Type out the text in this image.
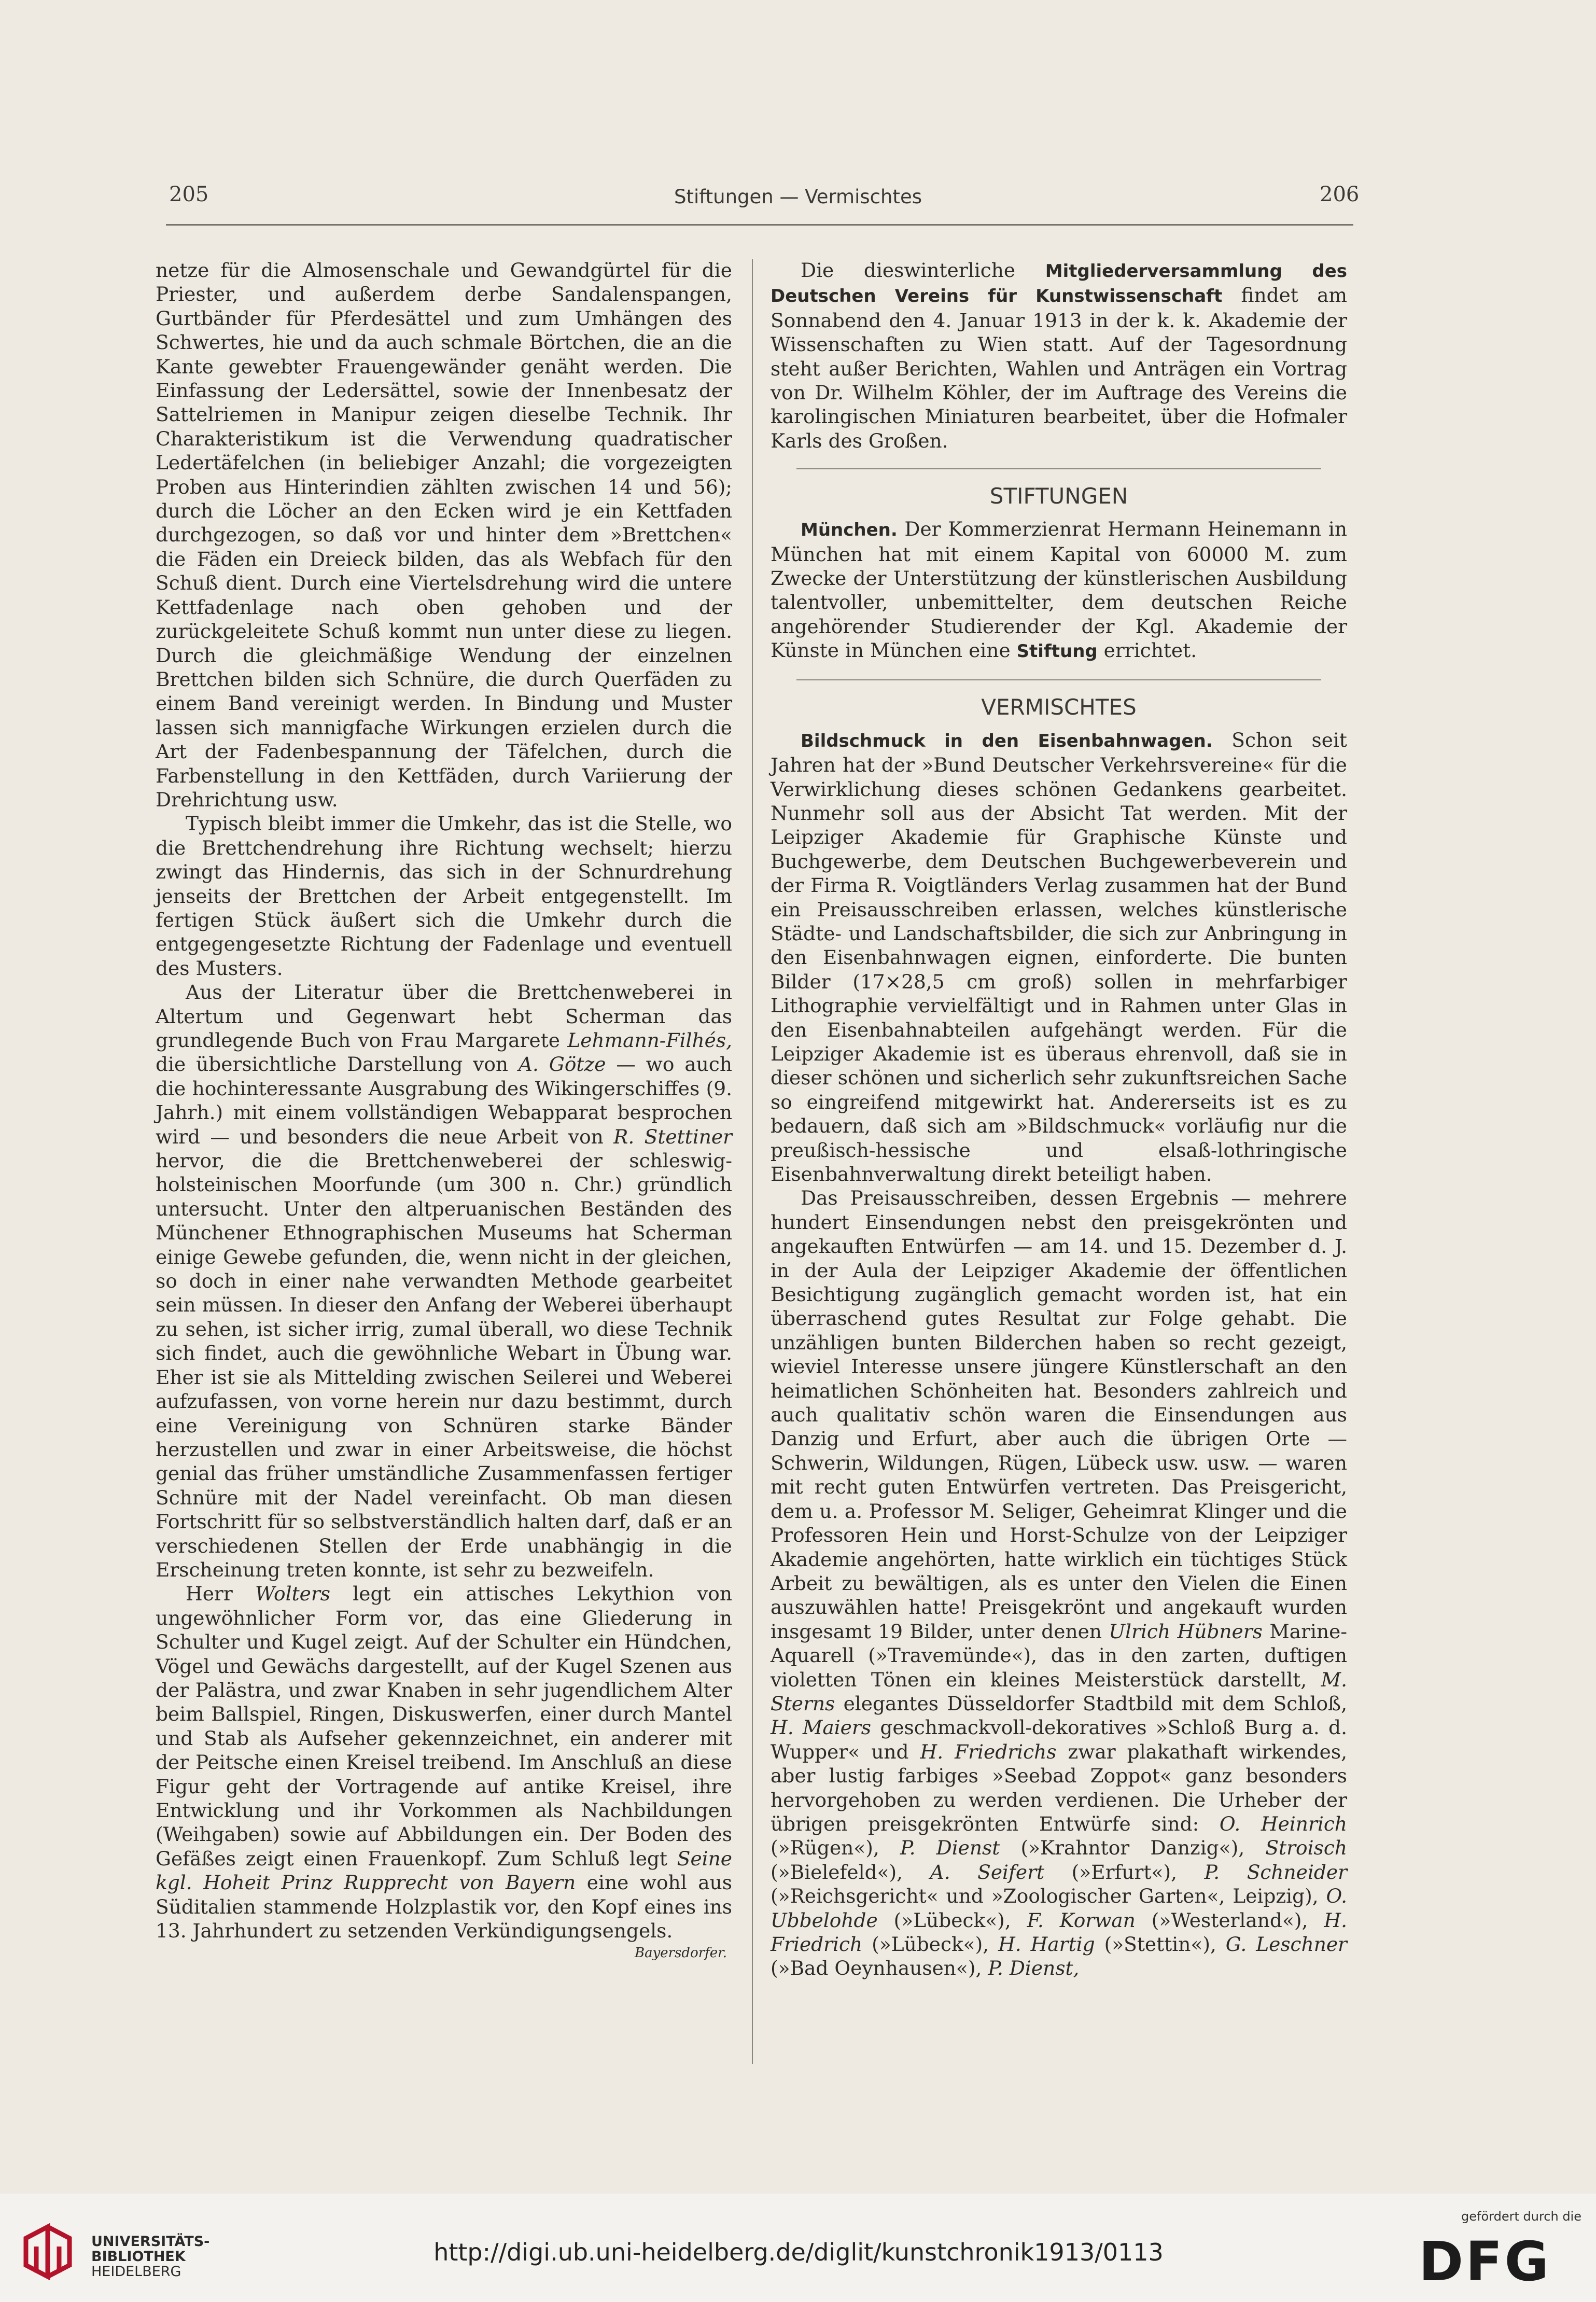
205	Stiftungen — Vermischtes	206

netze für die Almosenschale und Gewandgürtel für die Priester, und außerdem derbe Sandalenspangen, Gurtbänder für Pferdesättel und zum Umhängen des Schwertes, hie und da auch schmale Börtchen, die an die Kante gewebter Frauengewänder genäht werden. Die Einfassung der Ledersättel, sowie der Innenbesatz der Sattelriemen in Manipur zeigen dieselbe Technik. Ihr Charakteristikum ist die Verwendung quadratischer Ledertäfelchen (in beliebiger Anzahl; die vorgezeigten Proben aus Hinterindien zählten zwischen 14 und 56); durch die Löcher an den Ecken wird je ein Kettfaden durchgezogen, so daß vor und hinter dem »Brettchen« die Fäden ein Dreieck bilden, das als Webfach für den Schuß dient. Durch eine Viertelsdrehung wird die untere Kettfadenlage nach oben gehoben und der zurückgeleitete Schuß kommt nun unter diese zu liegen. Durch die gleichmäßige Wendung der einzelnen Brettchen bilden sich Schnüre, die durch Querfäden zu einem Band vereinigt werden. In Bindung und Muster lassen sich mannigfache Wirkungen erzielen durch die Art der Fadenbespannung der Täfelchen, durch die Farbenstellung in den Kettfäden, durch Variierung der Drehrichtung usw.

Typisch bleibt immer die Umkehr, das ist die Stelle, wo die Brettchendrehung ihre Richtung wechselt; hierzu zwingt das Hindernis, das sich in der Schnurdrehung jenseits der Brettchen der Arbeit entgegenstellt. Im fertigen Stück äußert sich die Umkehr durch die entgegengesetzte Richtung der Fadenlage und eventuell des Musters.

Aus der Literatur über die Brettchenweberei in Altertum und Gegenwart hebt Scherman das grundlegende Buch von Frau Margarete Lehmann-Filhés, die übersichtliche Darstellung von A. Götze — wo auch die hochinteressante Ausgrabung des Wikingerschiffes (9. Jahrh.) mit einem vollständigen Webapparat besprochen wird — und besonders die neue Arbeit von R. Stettiner hervor, die die Brettchenweberei der schleswig-holsteinischen Moorfunde (um 300 n. Chr.) gründlich untersucht. Unter den altperuanischen Beständen des Münchener Ethnographischen Museums hat Scherman einige Gewebe gefunden, die, wenn nicht in der gleichen, so doch in einer nahe verwandten Methode gearbeitet sein müssen. In dieser den Anfang der Weberei überhaupt zu sehen, ist sicher irrig, zumal überall, wo diese Technik sich findet, auch die gewöhnliche Webart in Übung war. Eher ist sie als Mittelding zwischen Seilerei und Weberei aufzufassen, von vorne herein nur dazu bestimmt, durch eine Vereinigung von Schnüren starke Bänder herzustellen und zwar in einer Arbeitsweise, die höchst genial das früher umständliche Zusammenfassen fertiger Schnüre mit der Nadel vereinfacht. Ob man diesen Fortschritt für so selbstverständlich halten darf, daß er an verschiedenen Stellen der Erde unabhängig in die Erscheinung treten konnte, ist sehr zu bezweifeln.

Herr Wolters legt ein attisches Lekythion von ungewöhnlicher Form vor, das eine Gliederung in Schulter und Kugel zeigt. Auf der Schulter ein Hündchen, Vögel und Gewächs dargestellt, auf der Kugel Szenen aus der Palästra, und zwar Knaben in sehr jugendlichem Alter beim Ballspiel, Ringen, Diskuswerfen, einer durch Mantel und Stab als Aufseher gekennzeichnet, ein anderer mit der Peitsche einen Kreisel treibend. Im Anschluß an diese Figur geht der Vortragende auf antike Kreisel, ihre Entwicklung und ihr Vorkommen als Nachbildungen (Weihgaben) sowie auf Abbildungen ein. Der Boden des Gefäßes zeigt einen Frauenkopf. Zum Schluß legt Seine kgl. Hoheit Prinz Rupprecht von Bayern eine wohl aus Süditalien stammende Holzplastik vor, den Kopf eines ins 13. Jahrhundert zu setzenden Verkündigungsengels.

Bayersdorfer.

Die dieswinterliche Mitgliederversammlung des Deutschen Vereins für Kunstwissenschaft findet am Sonnabend den 4. Januar 1913 in der k. k. Akademie der Wissenschaften zu Wien statt. Auf der Tagesordnung steht außer Berichten, Wahlen und Anträgen ein Vortrag von Dr. Wilhelm Köhler, der im Auftrage des Vereins die karolingischen Miniaturen bearbeitet, über die Hofmaler Karls des Großen.

STIFTUNGEN

München. Der Kommerzienrat Hermann Heinemann in München hat mit einem Kapital von 60000 M. zum Zwecke der Unterstützung der künstlerischen Ausbildung talentvoller, unbemittelter, dem deutschen Reiche angehörender Studierender der Kgl. Akademie der Künste in München eine Stiftung errichtet.

VERMISCHTES

Bildschmuck in den Eisenbahnwagen. Schon seit Jahren hat der »Bund Deutscher Verkehrsvereine« für die Verwirklichung dieses schönen Gedankens gearbeitet. Nunmehr soll aus der Absicht Tat werden. Mit der Leipziger Akademie für Graphische Künste und Buchgewerbe, dem Deutschen Buchgewerbeverein und der Firma R. Voigtländers Verlag zusammen hat der Bund ein Preisausschreiben erlassen, welches künstlerische Städte- und Landschaftsbilder, die sich zur Anbringung in den Eisenbahnwagen eignen, einforderte. Die bunten Bilder (17×28,5 cm groß) sollen in mehrfarbiger Lithographie vervielfältigt und in Rahmen unter Glas in den Eisenbahnabteilen aufgehängt werden. Für die Leipziger Akademie ist es überaus ehrenvoll, daß sie in dieser schönen und sicherlich sehr zukunftsreichen Sache so eingreifend mitgewirkt hat. Andererseits ist es zu bedauern, daß sich am »Bildschmuck« vorläufig nur die preußisch-hessische und elsaß-lothringische Eisenbahnverwaltung direkt beteiligt haben.

Das Preisausschreiben, dessen Ergebnis — mehrere hundert Einsendungen nebst den preisgekrönten und angekauften Entwürfen — am 14. und 15. Dezember d. J. in der Aula der Leipziger Akademie der öffentlichen Besichtigung zugänglich gemacht worden ist, hat ein überraschend gutes Resultat zur Folge gehabt. Die unzähligen bunten Bilderchen haben so recht gezeigt, wieviel Interesse unsere jüngere Künstlerschaft an den heimatlichen Schönheiten hat. Besonders zahlreich und auch qualitativ schön waren die Einsendungen aus Danzig und Erfurt, aber auch die übrigen Orte — Schwerin, Wildungen, Rügen, Lübeck usw. usw. — waren mit recht guten Entwürfen vertreten. Das Preisgericht, dem u. a. Professor M. Seliger, Geheimrat Klinger und die Professoren Hein und Horst-Schulze von der Leipziger Akademie angehörten, hatte wirklich ein tüchtiges Stück Arbeit zu bewältigen, als es unter den Vielen die Einen auszuwählen hatte! Preisgekrönt und angekauft wurden insgesamt 19 Bilder, unter denen Ulrich Hübners Marine-Aquarell (»Travemünde«), das in den zarten, duftigen violetten Tönen ein kleines Meisterstück darstellt, M. Sterns elegantes Düsseldorfer Stadtbild mit dem Schloß, H. Maiers geschmackvoll-dekoratives »Schloß Burg a. d. Wupper« und H. Friedrichs zwar plakathaft wirkendes, aber lustig farbiges »Seebad Zoppot« ganz besonders hervorgehoben zu werden verdienen. Die Urheber der übrigen preisgekrönten Entwürfe sind: O. Heinrich (»Rügen«), P. Dienst (»Krahntor Danzig«), Stroisch (»Bielefeld«), A. Seifert (»Erfurt«), P. Schneider (»Reichsgericht« und »Zoologischer Garten«, Leipzig), O. Ubbelohde (»Lübeck«), F. Korwan (»Westerland«), H. Friedrich (»Lübeck«), H. Hartig (»Stettin«), G. Leschner (»Bad Oeynhausen«), P. Dienst,

UNIVERSITÄTS-
BIBLIOTHEK
HEIDELBERG
http://digi.ub.uni-heidelberg.de/diglit/kunstchronik1913/0113
gefördert durch die
DFG
